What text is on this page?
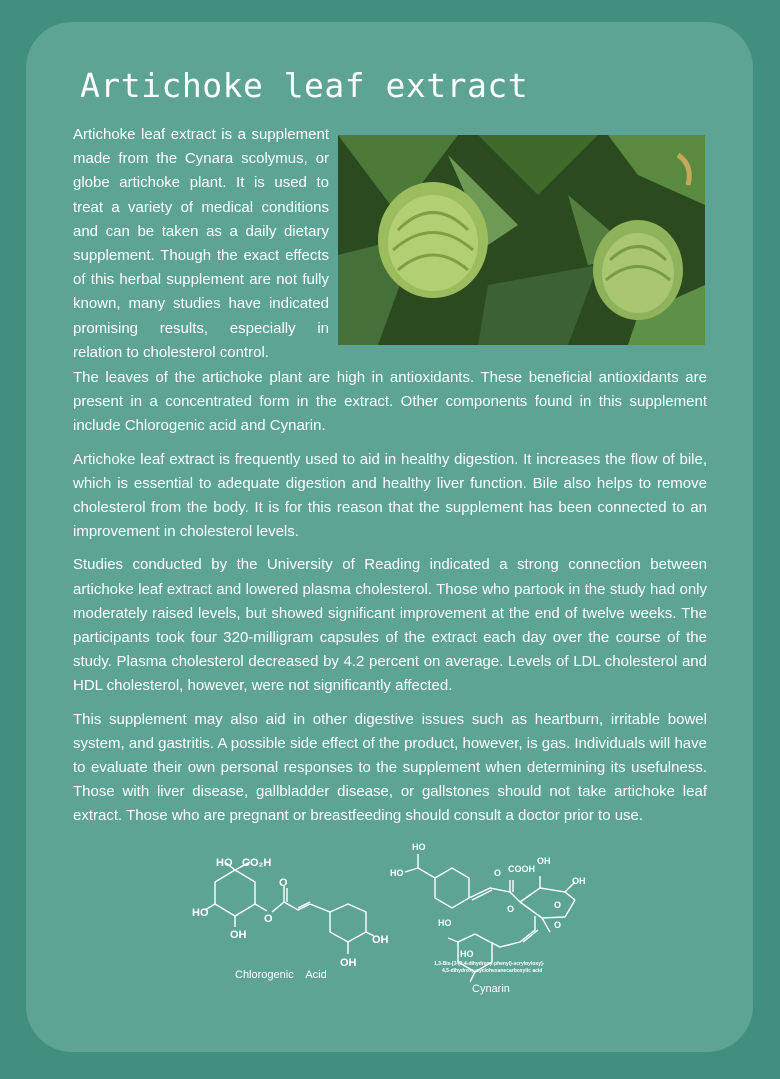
Artichoke leaf extract
Artichoke leaf extract is a supplement made from the Cynara scolymus, or globe artichoke plant. It is used to treat a variety of medical conditions and can be taken as a daily dietary supplement. Though the exact effects of this herbal supplement are not fully known, many studies have indicated promising results, especially in relation to cholesterol control.

The leaves of the artichoke plant are high in antioxidants. These beneficial antioxidants are present in a concentrated form in the extract. Other components found in this supplement include Chlorogenic acid and Cynarin.

Artichoke leaf extract is frequently used to aid in healthy digestion. It increases the flow of bile, which is essential to adequate digestion and healthy liver function. Bile also helps to remove cholesterol from the body. It is for this reason that the supplement has been connected to an improvement in cholesterol levels.

Studies conducted by the University of Reading indicated a strong connection between artichoke leaf extract and lowered plasma cholesterol. Those who partook in the study had only moderately raised levels, but showed significant improvement at the end of twelve weeks. The participants took four 320-milligram capsules of the extract each day over the course of the study. Plasma cholesterol decreased by 4.2 percent on average. Levels of LDL cholesterol and HDL cholesterol, however, were not significantly affected.

This supplement may also aid in other digestive issues such as heartburn, irritable bowel system, and gastritis. A possible side effect of the product, however, is gas. Individuals will have to evaluate their own personal responses to the supplement when determining its usefulness. Those with liver disease, gallbladder disease, or gallstones should not take artichoke leaf extract. Those who are pregnant or breastfeeding should consult a doctor prior to use.

HO CO₂H
HO
OH
O
O
OH
OH
HO
HO	O COOH
OH
OH
O	O
O
HO
HO
1,3-Bis-[3-(3,4-dihydroxy-phenyl)-acryloyloxy]-
4,5-dihydroxy-cyclohexanecarboxylic acid
Chlorogenic    Acid
Cynarin
